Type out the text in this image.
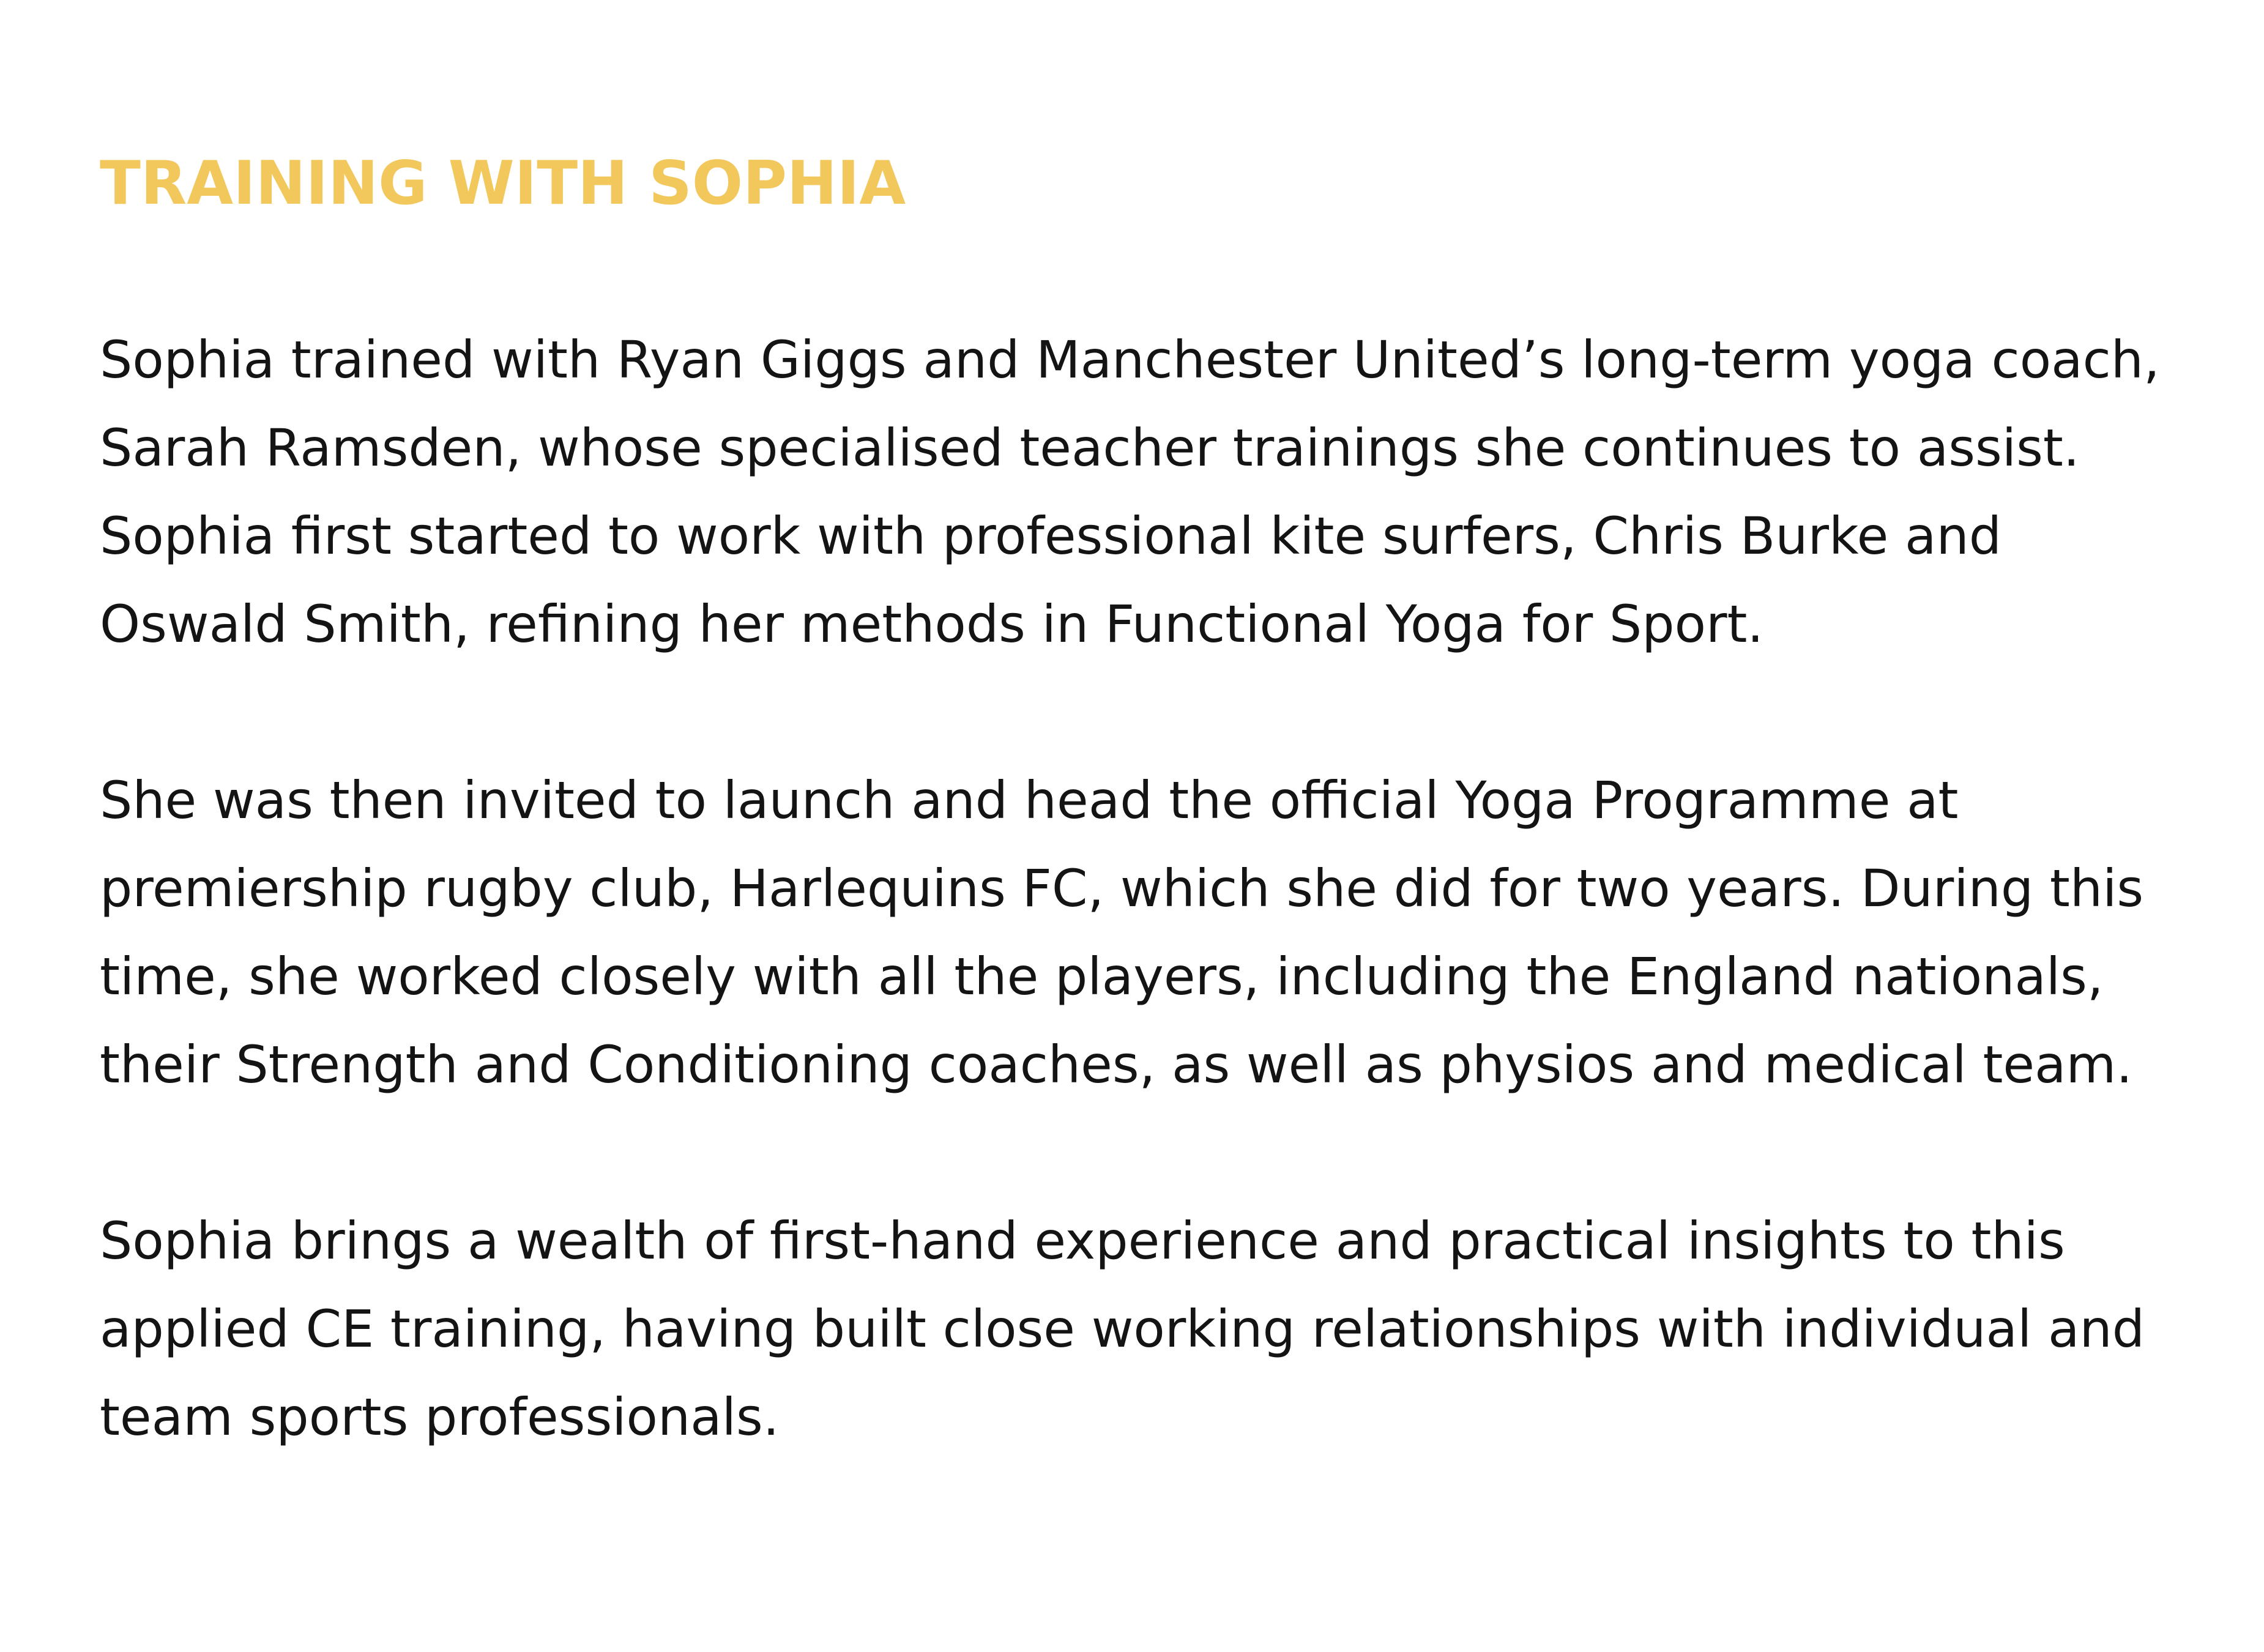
TRAINING WITH SOPHIA

Sophia trained with Ryan Giggs and Manchester United’s long-term yoga coach, Sarah Ramsden, whose specialised teacher trainings she continues to assist. Sophia first started to work with professional kite surfers, Chris Burke and Oswald Smith, refining her methods in Functional Yoga for Sport.

She was then invited to launch and head the official Yoga Programme at premiership rugby club, Harlequins FC, which she did for two years. During this time, she worked closely with all the players, including the England nationals, their Strength and Conditioning coaches, as well as physios and medical team.

Sophia brings a wealth of first-hand experience and practical insights to this applied CE training, having built close working relationships with individual and team sports professionals.
